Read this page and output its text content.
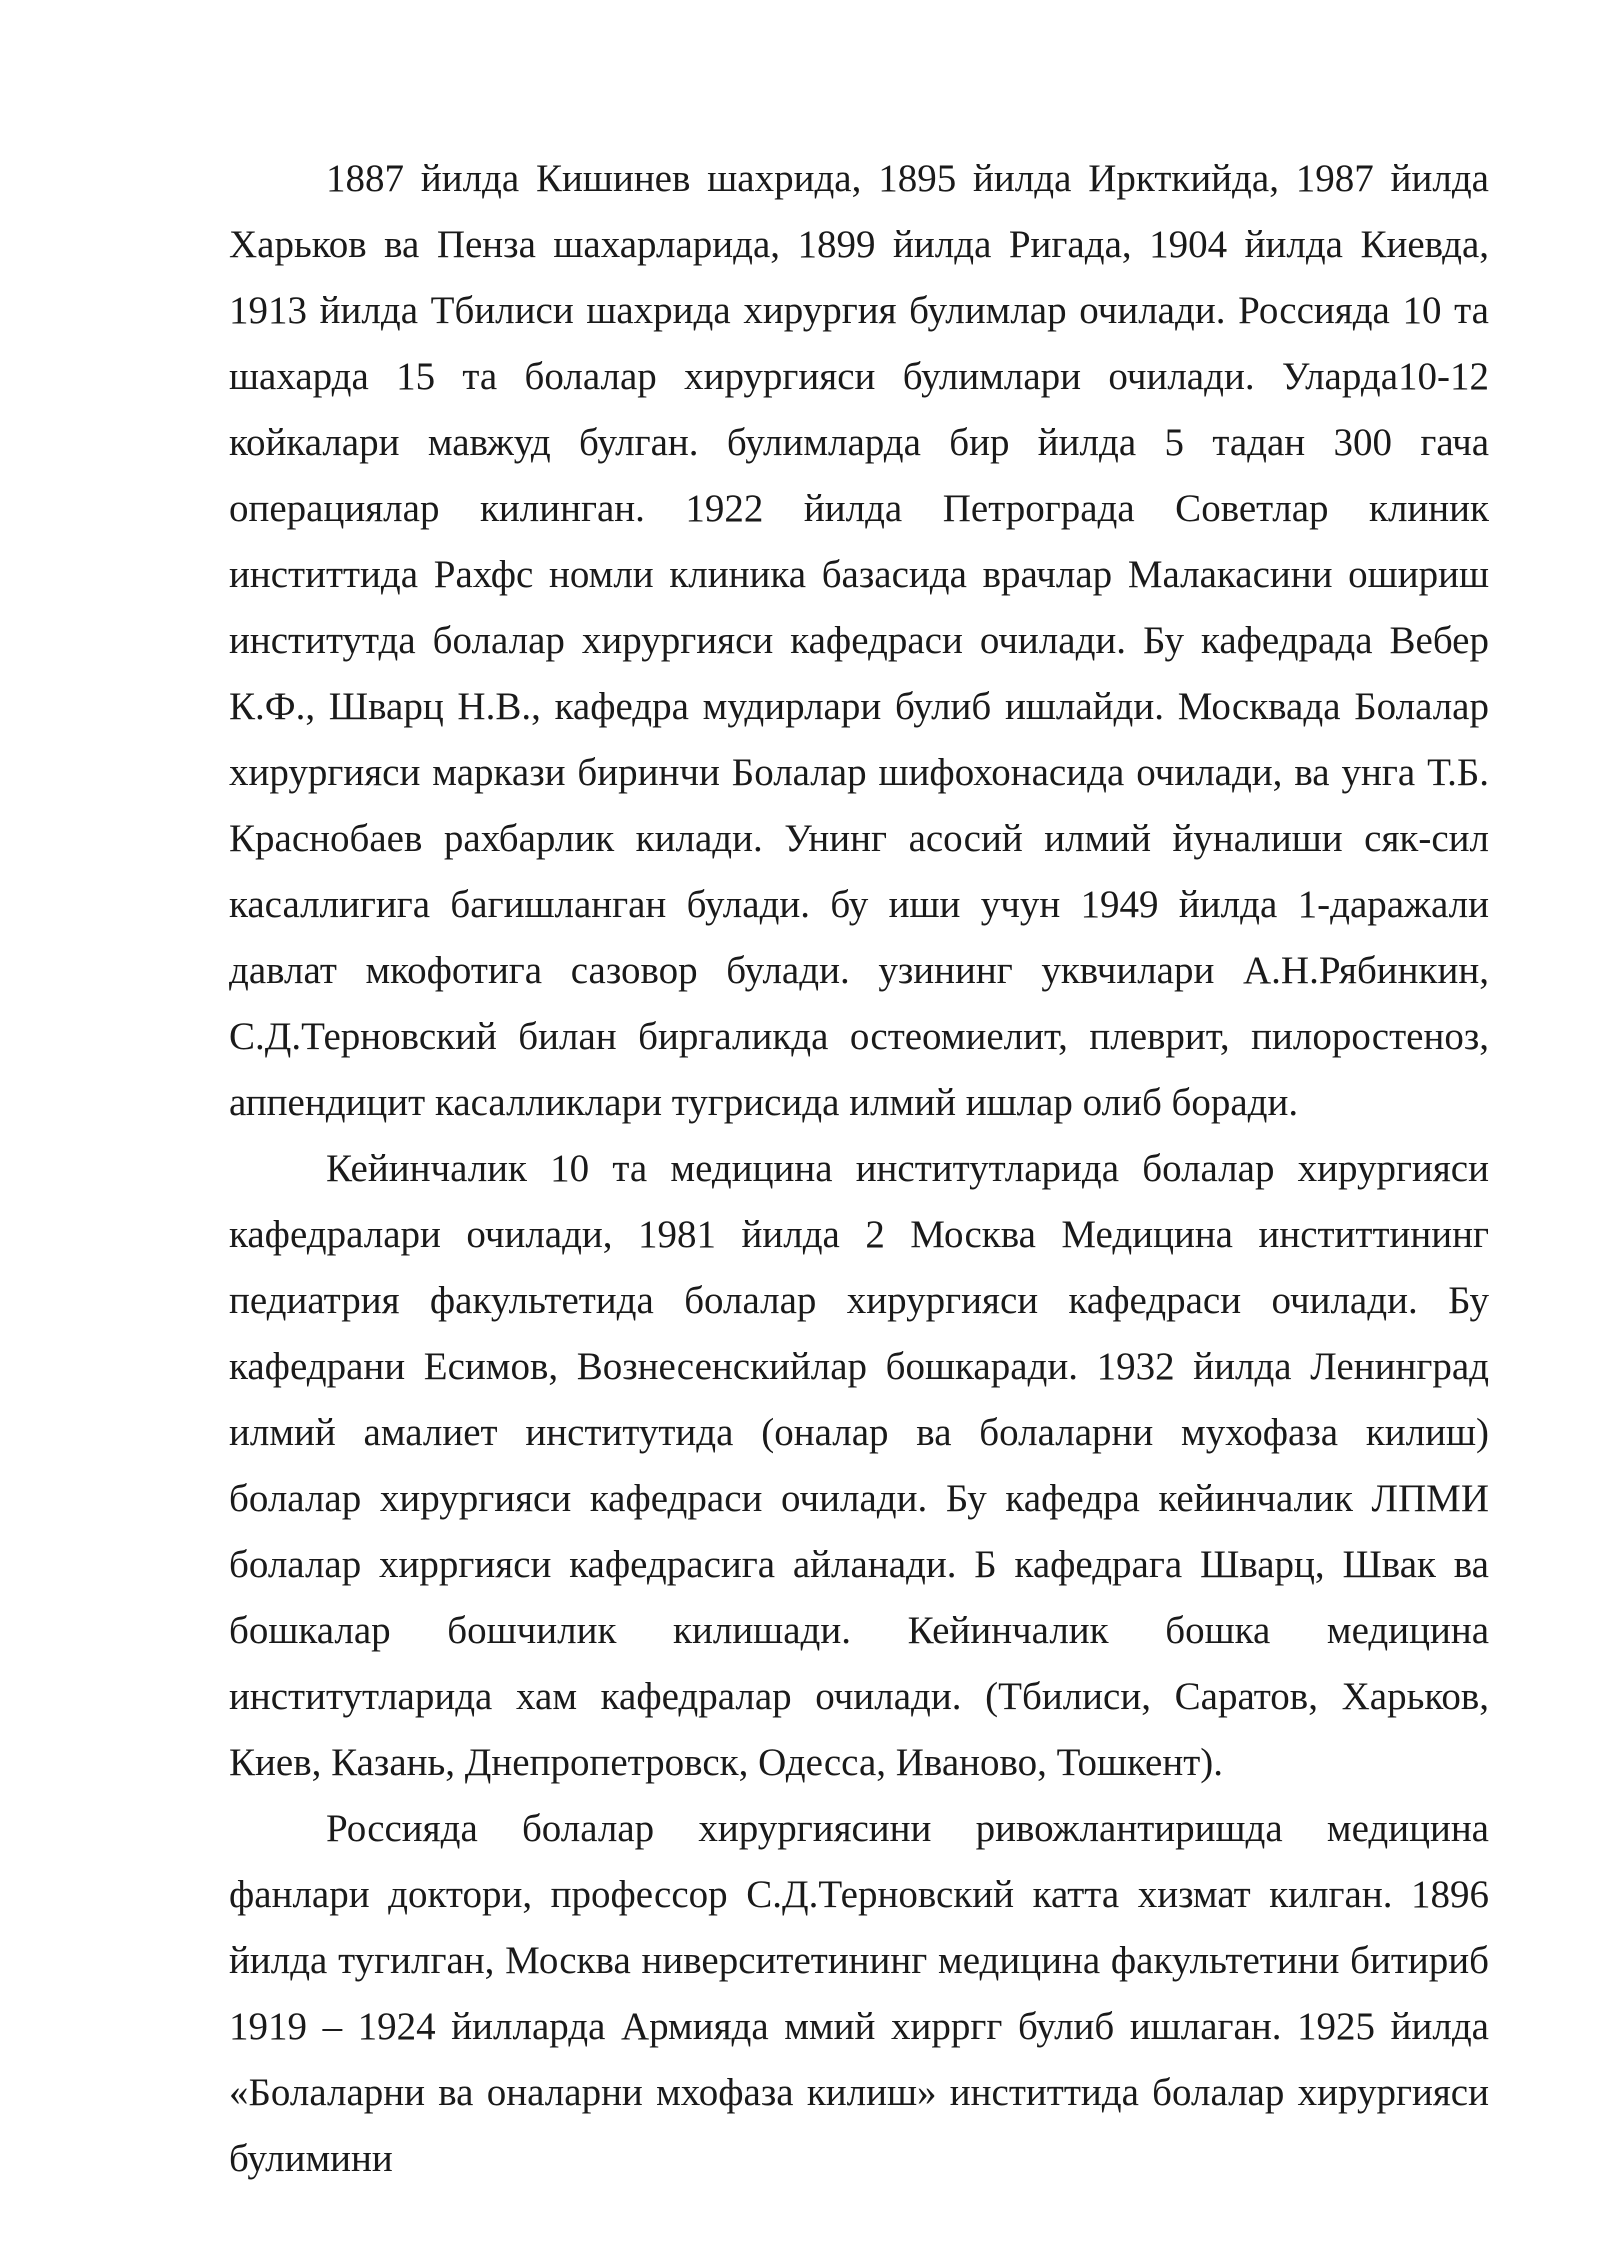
1887 йилда Кишинев шахрида, 1895 йилда Иркткийда, 1987 йилда Харьков ва Пенза шахарларида, 1899 йилда Ригада, 1904 йилда Киевда, 1913 йилда Тбилиси шахрида хирургия булимлар очилади. Россияда 10 та шахарда 15 та болалар хирургияси булимлари очилади. Уларда10-12 койкалари мавжуд булган. булимларда бир йилда 5 тадан 300 гача операциялар килинган. 1922 йилда Петрограда Советлар клиник инститтида Рахфс номли клиника базасида врачлар Малакасини ошириш институтда болалар хирургияси кафедраси очилади. Бу кафедрада Вебер К.Ф., Шварц Н.В., кафедра мудирлари булиб ишлайди. Москвада Болалар хирургияси маркази биринчи Болалар шифохонасида очилади, ва унга Т.Б. Краснобаев рахбарлик килади. Унинг асосий илмий йуналиши сяк-сил касаллигига багишланган булади. бу иши учун 1949 йилда 1-даражали давлат мкофотига сазовор булади. узининг уквчилари А.Н.Рябинкин, С.Д.Терновский билан биргаликда остеомиелит, плеврит, пилоростеноз, аппендицит касалликлари тугрисида илмий ишлар олиб боради.

Кейинчалик 10 та медицина институтларида болалар хирургияси кафедралари очилади, 1981 йилда 2 Москва Медицина инститтининг педиатрия факультетида болалар хирургияси кафедраси очилади. Бу кафедрани Есимов, Вознесенскийлар бошкаради. 1932 йилда Ленинград илмий амалиет институтида (оналар ва болаларни мухофаза килиш) болалар хирургияси кафедраси очилади. Бу кафедра кейинчалик ЛПМИ болалар хирргияси кафедрасига айланади. Б кафедрага Шварц, Швак ва бошкалар бошчилик килишади. Кейинчалик бошка медицина институтларида хам кафедралар очилади. (Тбилиси, Саратов, Харьков, Киев, Казань, Днепропетровск, Одесса, Иваново, Тошкент).

Россияда болалар хирургиясини ривожлантиришда медицина фанлари доктори, профессор С.Д.Терновский катта хизмат килган. 1896 йилда тугилган, Москва ниверситетининг медицина факультетини битириб 1919 – 1924 йилларда Армияда ммий хирргг булиб ишлаган. 1925 йилда «Болаларни ва оналарни мхофаза килиш» инститтида болалар хирургияси булимини
